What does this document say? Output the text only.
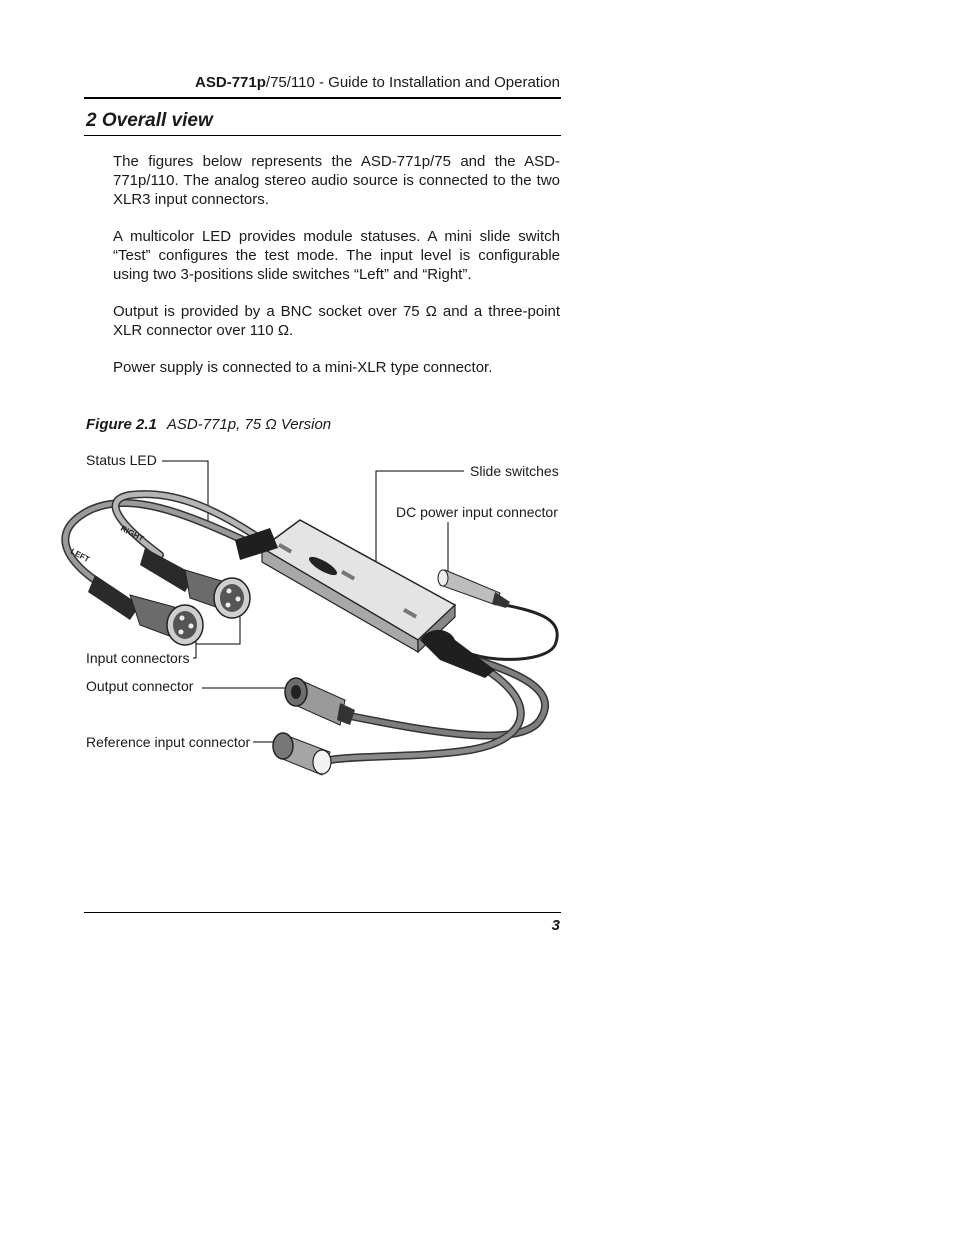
ASD-771p/75/110 - Guide to Installation and Operation
2 Overall view

The figures below represents the ASD-771p/75 and the ASD-771p/110. The analog stereo audio source is connected to the two XLR3 input connectors.

A multicolor LED provides module statuses. A mini slide switch “Test” configures the test mode. The input level is configurable using two 3-positions slide switches “Left” and “Right”.

Output is provided by a BNC socket over 75 Ω and a three-point XLR connector over 110 Ω.

Power supply is connected to a mini-XLR type connector.

Figure 2.1 ASD-771p, 75 Ω Version
LEFT
RIGHT
Status LED
Slide switches
DC power input connector
Input connectors
Output connector
Reference input connector
3
